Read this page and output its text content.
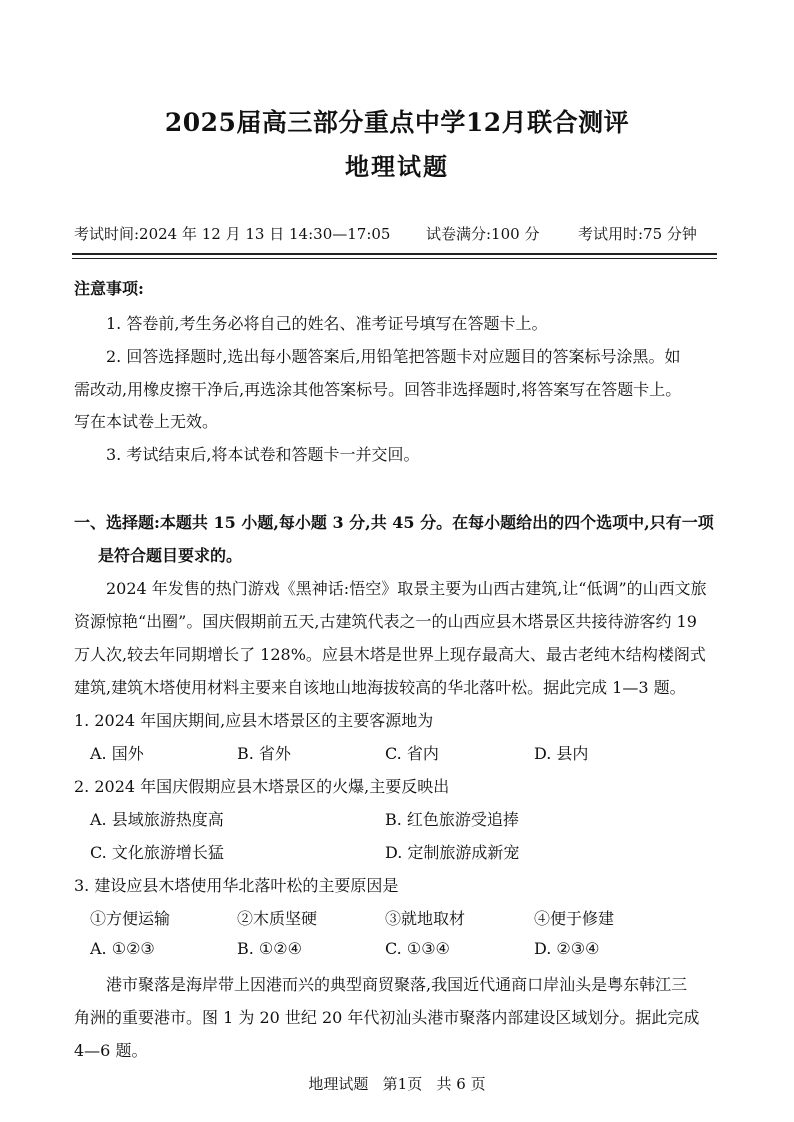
2025届高三部分重点中学12月联合测评
地理试题
考试时间:2024 年 12 月 13 日 14:30—17:05 试卷满分:100 分	考试用时:75 分钟
注意事项:
1. 答卷前,考生务必将自己的姓名、准考证号填写在答题卡上。
2. 回答选择题时,选出每小题答案后,用铅笔把答题卡对应题目的答案标号涂黑。如
需改动,用橡皮擦干净后,再选涂其他答案标号。回答非选择题时,将答案写在答题卡上。
写在本试卷上无效。
3. 考试结束后,将本试卷和答题卡一并交回。
一、选择题:本题共 15 小题,每小题 3 分,共 45 分。在每小题给出的四个选项中,只有一项
是符合题目要求的。
2024 年发售的热门游戏《黑神话:悟空》取景主要为山西古建筑,让“低调”的山西文旅
资源惊艳“出圈”。国庆假期前五天,古建筑代表之一的山西应县木塔景区共接待游客约 19
万人次,较去年同期增长了 128%。应县木塔是世界上现存最高大、最古老纯木结构楼阁式
建筑,建筑木塔使用材料主要来自该地山地海拔较高的华北落叶松。据此完成 1—3 题。
1. 2024 年国庆期间,应县木塔景区的主要客源地为
A. 国外	B. 省外	C. 省内	D. 县内
2. 2024 年国庆假期应县木塔景区的火爆,主要反映出
A. 县域旅游热度高	B. 红色旅游受追捧
C. 文化旅游增长猛	D. 定制旅游成新宠
3. 建设应县木塔使用华北落叶松的主要原因是
①方便运输	②木质坚硬	③就地取材	④便于修建
A. ①②③	B. ①②④	C. ①③④	D. ②③④
港市聚落是海岸带上因港而兴的典型商贸聚落,我国近代通商口岸汕头是粤东韩江三
角洲的重要港市。图 1 为 20 世纪 20 年代初汕头港市聚落内部建设区域划分。据此完成
4—6 题。
地理试题   第1页   共 6 页
